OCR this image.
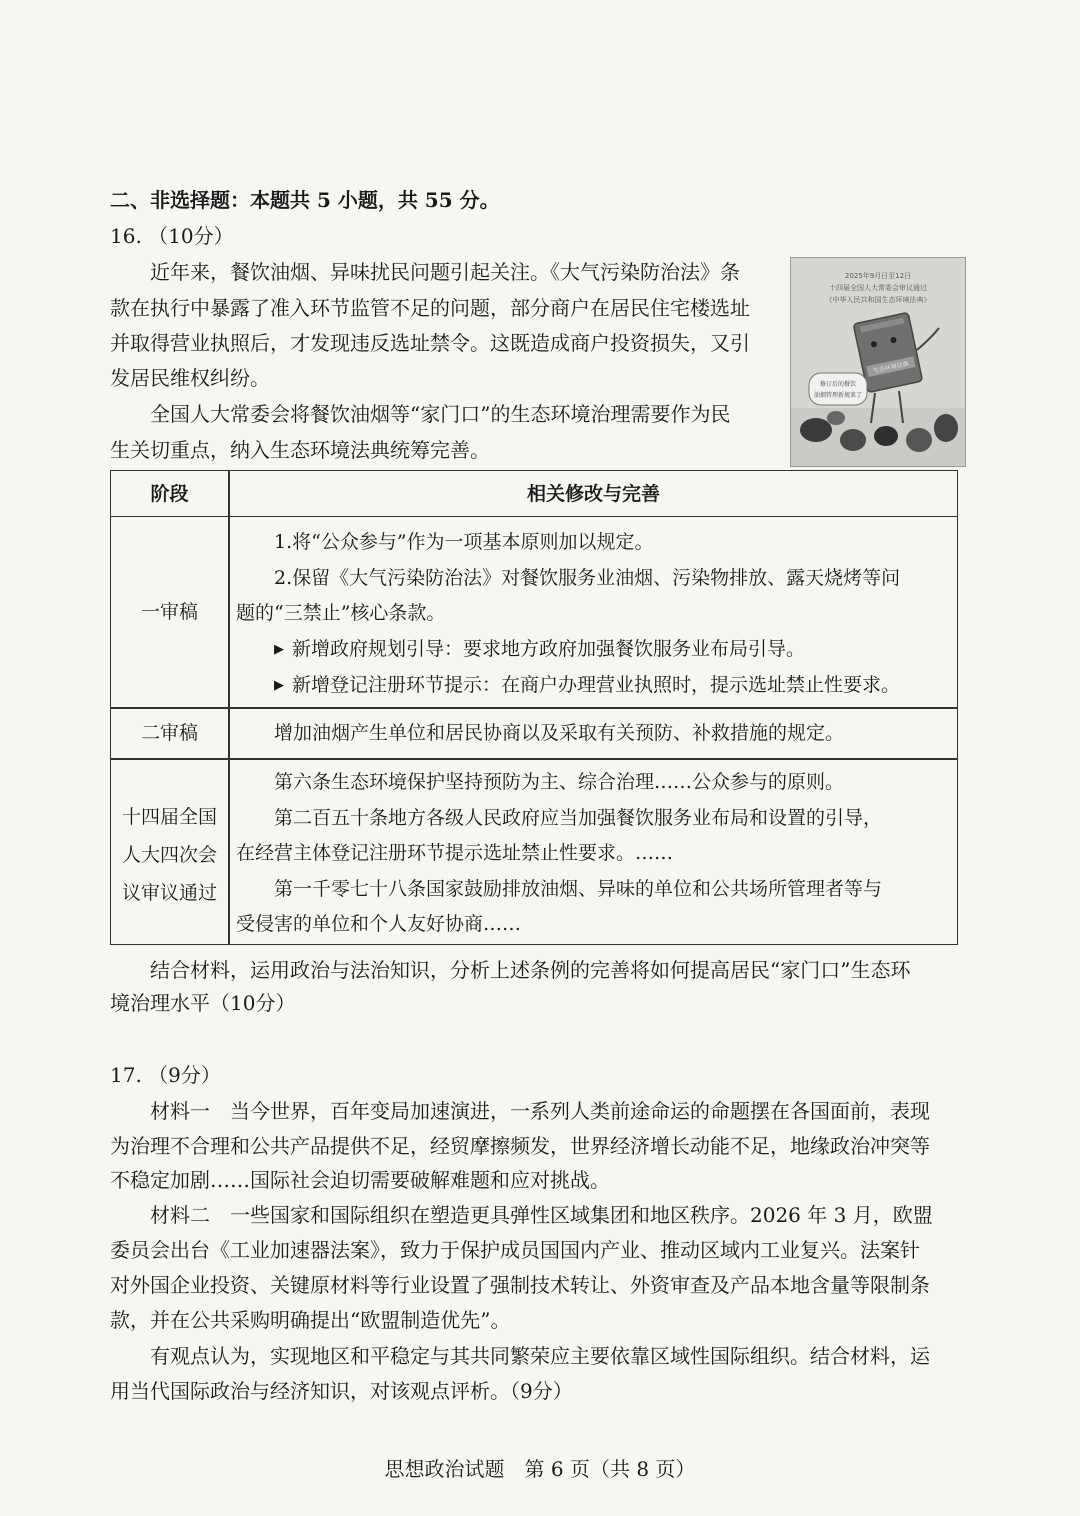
二、非选择题：本题共 5 小题，共 55 分。
16. （10分）
近年来，餐饮油烟、异味扰民问题引起关注。《大气污染防治法》条
款在执行中暴露了准入环节监管不足的问题，部分商户在居民住宅楼选址
并取得营业执照后，才发现违反选址禁令。这既造成商户投资损失，又引
发居民维权纠纷。
全国人大常委会将餐饮油烟等“家门口”的生态环境治理需要作为民
生关切重点，纳入生态环境法典统筹完善。
2025年9月日至12日
十四届全国人大常委会审议通过
《中华人民共和国生态环境法典》
生态环境法典
修订后的餐饮
油烟管理新规来了
阶段	相关修改与完善
一审稿
1.将“公众参与”作为一项基本原则加以规定。
2.保留《大气污染防治法》对餐饮服务业油烟、污染物排放、露天烧烤等问
题的“三禁止”核心条款。
▶ 新增政府规划引导：要求地方政府加强餐饮服务业布局引导。
▶ 新增登记注册环节提示：在商户办理营业执照时，提示选址禁止性要求。
二审稿	增加油烟产生单位和居民协商以及采取有关预防、补救措施的规定。
十四届全国
人大四次会
议审议通过
第六条生态环境保护坚持预防为主、综合治理……公众参与的原则。
第二百五十条地方各级人民政府应当加强餐饮服务业布局和设置的引导，
在经营主体登记注册环节提示选址禁止性要求。……
第一千零七十八条国家鼓励排放油烟、异味的单位和公共场所管理者等与
受侵害的单位和个人友好协商……
结合材料，运用政治与法治知识，分析上述条例的完善将如何提高居民“家门口”生态环
境治理水平（10分）
17. （9分）
材料一　当今世界，百年变局加速演进，一系列人类前途命运的命题摆在各国面前，表现
为治理不合理和公共产品提供不足，经贸摩擦频发，世界经济增长动能不足，地缘政治冲突等
不稳定加剧……国际社会迫切需要破解难题和应对挑战。
材料二　一些国家和国际组织在塑造更具弹性区域集团和地区秩序。2026 年 3 月，欧盟
委员会出台《工业加速器法案》，致力于保护成员国国内产业、推动区域内工业复兴。法案针
对外国企业投资、关键原材料等行业设置了强制技术转让、外资审查及产品本地含量等限制条
款，并在公共采购明确提出“欧盟制造优先”。
有观点认为，实现地区和平稳定与其共同繁荣应主要依靠区域性国际组织。结合材料，运
用当代国际政治与经济知识，对该观点评析。（9分）
思想政治试题　第 6 页（共 8 页）
